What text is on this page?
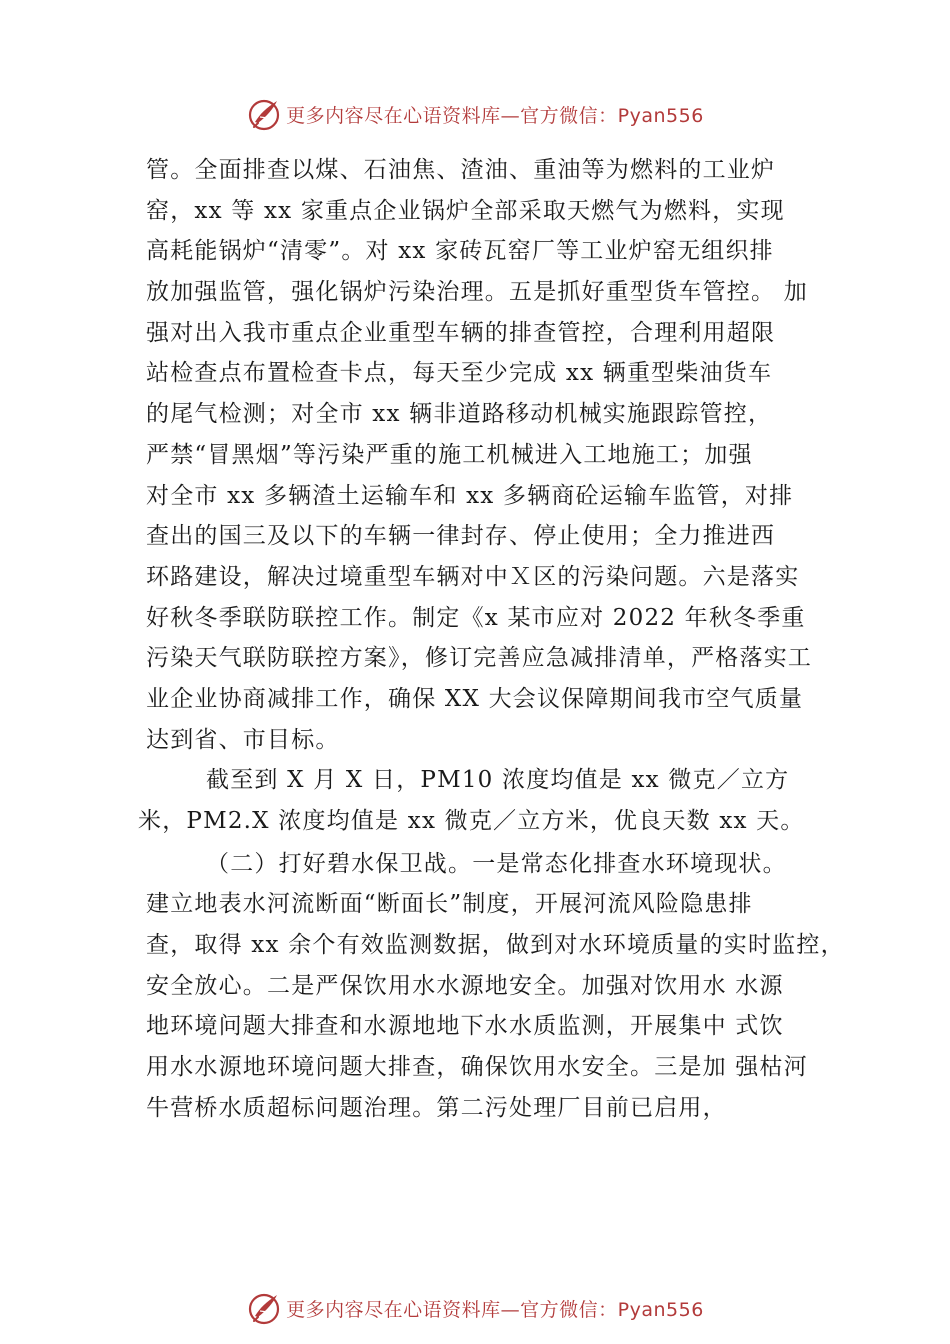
更多内容尽在心语资料库—官方微信：Pyan556
管。全面排查以煤、石油焦、渣油、重油等为燃料的工业炉
窑，xx 等 xx 家重点企业锅炉全部采取天燃气为燃料，实现
高耗能锅炉“清零”。对 xx 家砖瓦窑厂等工业炉窑无组织排
放加强监管，强化锅炉污染治理。五是抓好重型货车管控。 加
强对出入我市重点企业重型车辆的排查管控，合理利用超限
站检查点布置检查卡点，每天至少完成 xx 辆重型柴油货车
的尾气检测；对全市 xx 辆非道路移动机械实施跟踪管控，
严禁“冒黑烟”等污染严重的施工机械进入工地施工；加强
对全市 xx 多辆渣土运输车和 xx 多辆商砼运输车监管，对排
查出的国三及以下的车辆一律封存、停止使用；全力推进西
环路建设，解决过境重型车辆对中Ｘ区的污染问题。六是落实
好秋冬季联防联控工作。制定《x 某市应对 2022 年秋冬季重
污染天气联防联控方案》，修订完善应急减排清单，严格落实工
业企业协商减排工作，确保 XX 大会议保障期间我市空气质量
达到省、市目标。
截至到 X 月 X 日，PM10 浓度均值是 xx 微克／立方
米，PM2.X 浓度均值是 xx 微克／立方米，优良天数 xx 天。
（二）打好碧水保卫战。一是常态化排查水环境现状。
建立地表水河流断面“断面长”制度，开展河流风险隐患排
查，取得 xx 余个有效监测数据，做到对水环境质量的实时监控，
安全放心。二是严保饮用水水源地安全。加强对饮用水 水源
地环境问题大排查和水源地地下水水质监测，开展集中 式饮
用水水源地环境问题大排查，确保饮用水安全。三是加 强枯河
牛营桥水质超标问题治理。第二污处理厂目前已启用，
更多内容尽在心语资料库—官方微信：Pyan556
